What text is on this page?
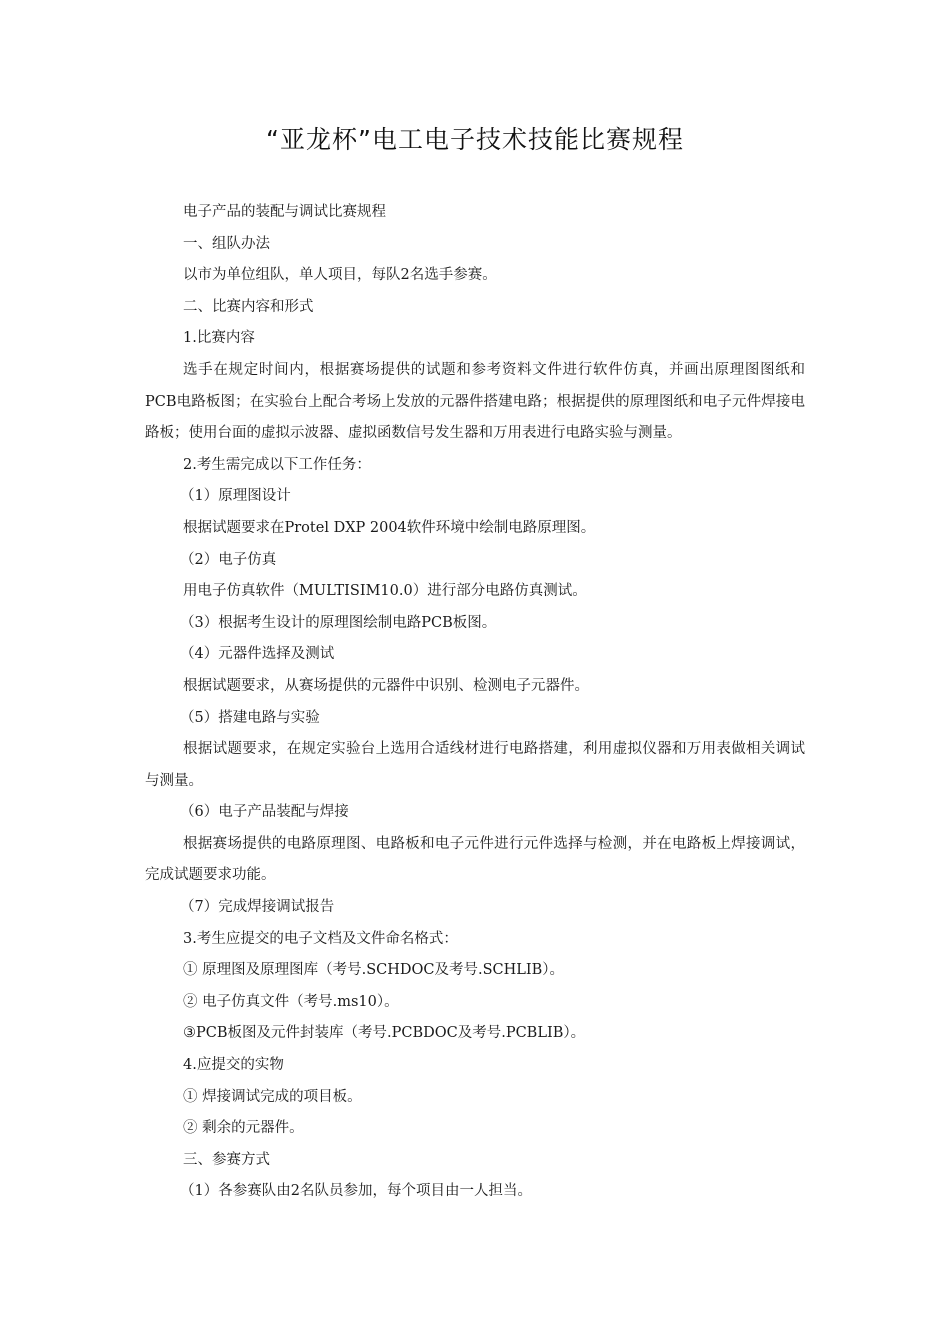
“亚龙杯”电工电子技术技能比赛规程

电子产品的装配与调试比赛规程

一、组队办法

以市为单位组队，单人项目，每队2名选手参赛。

二、比赛内容和形式

1.比赛内容

选手在规定时间内，根据赛场提供的试题和参考资料文件进行软件仿真，并画出原理图图纸和PCB电路板图；在实验台上配合考场上发放的元器件搭建电路；根据提供的原理图纸和电子元件焊接电路板；使用台面的虚拟示波器、虚拟函数信号发生器和万用表进行电路实验与测量。

2.考生需完成以下工作任务：

（1）原理图设计

根据试题要求在Protel DXP 2004软件环境中绘制电路原理图。

（2）电子仿真

用电子仿真软件（MULTISIM10.0）进行部分电路仿真测试。

（3）根据考生设计的原理图绘制电路PCB板图。

（4）元器件选择及测试

根据试题要求，从赛场提供的元器件中识别、检测电子元器件。

（5）搭建电路与实验

根据试题要求，在规定实验台上选用合适线材进行电路搭建，利用虚拟仪器和万用表做相关调试与测量。

（6）电子产品装配与焊接

根据赛场提供的电路原理图、电路板和电子元件进行元件选择与检测，并在电路板上焊接调试，完成试题要求功能。

（7）完成焊接调试报告

3.考生应提交的电子文档及文件命名格式：

① 原理图及原理图库（考号.SCHDOC及考号.SCHLIB）。

② 电子仿真文件（考号.ms10）。

③PCB板图及元件封装库（考号.PCBDOC及考号.PCBLIB）。

4.应提交的实物

① 焊接调试完成的项目板。

② 剩余的元器件。

三、参赛方式

（1）各参赛队由2名队员参加，每个项目由一人担当。
